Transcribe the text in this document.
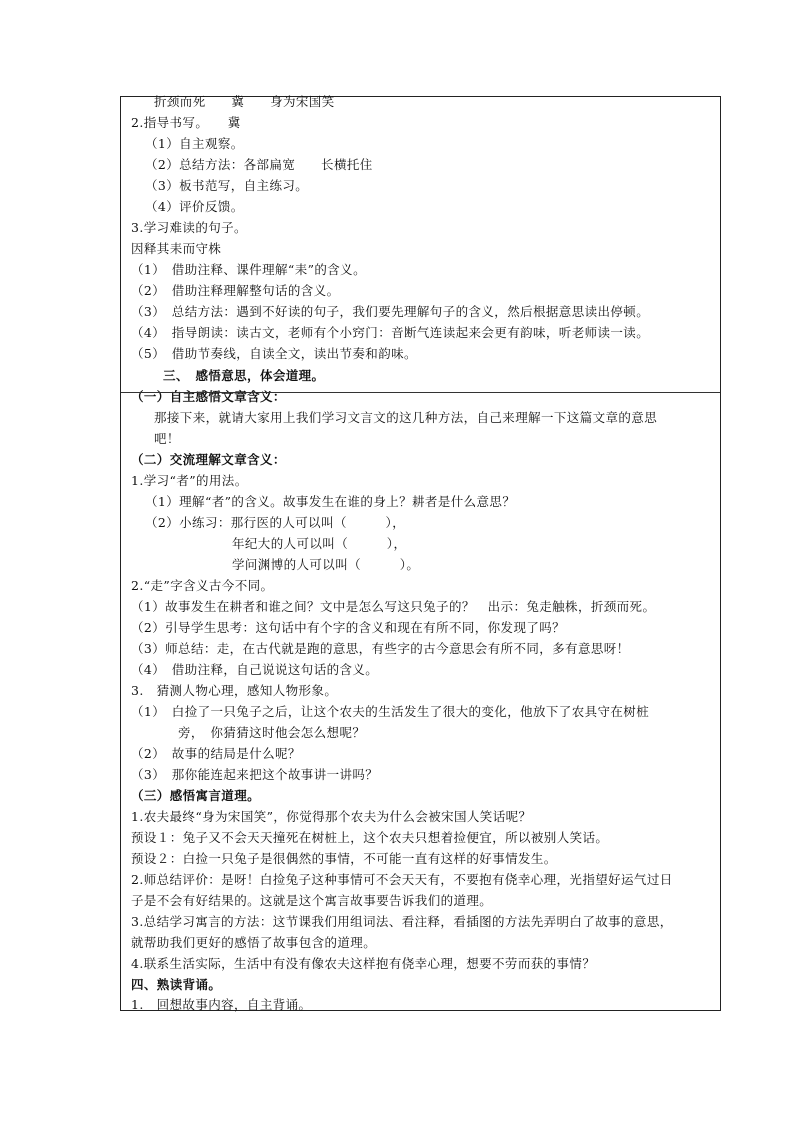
折颈而死　　冀　　身为宋国笑
2.指导书写。　　冀
（1）自主观察。
（2）总结方法：各部扁宽　　长横托住
（3）板书范写，自主练习。
（4）评价反馈。
3.学习难读的句子。
因释其耒而守株
（1）　借助注释、课件理解“耒”的含义。
（2）　借助注释理解整句话的含义。
（3）　总结方法：遇到不好读的句子，我们要先理解句子的含义，然后根据意思读出停顿。
（4）　指导朗读：读古文，老师有个小窍门：音断气连读起来会更有韵味，听老师读一读。
（5）　借助节奏线，自读全文，读出节奏和韵味。
三、　感悟意思，体会道理。
（一）自主感悟文章含义：
那接下来，就请大家用上我们学习文言文的这几种方法，自己来理解一下这篇文章的意思
吧！
（二）交流理解文章含义：
1.学习“者”的用法。
（1）理解“者”的含义。故事发生在谁的身上？耕者是什么意思？
（2）小练习：那行医的人可以叫（　　　），
年纪大的人可以叫（　　　），
学问渊博的人可以叫（　　　）。
2.“走”字含义古今不同。
（1）故事发生在耕者和谁之间？文中是怎么写这只兔子的？　出示：兔走触株，折颈而死。
（2）引导学生思考：这句话中有个字的含义和现在有所不同，你发现了吗？
（3）师总结：走，在古代就是跑的意思，有些字的古今意思会有所不同，多有意思呀！
（4）　借助注释，自己说说这句话的含义。
3.　猜测人物心理，感知人物形象。
（1）　白捡了一只兔子之后，让这个农夫的生活发生了很大的变化，他放下了农具守在树桩
旁，　你猜猜这时他会怎么想呢？
（2）　故事的结局是什么呢？
（3）　那你能连起来把这个故事讲一讲吗？
（三）感悟寓言道理。
1.农夫最终“身为宋国笑”，你觉得那个农夫为什么会被宋国人笑话呢？
预设１：兔子又不会天天撞死在树桩上，这个农夫只想着捡便宜，所以被别人笑话。
预设２：白捡一只兔子是很偶然的事情，不可能一直有这样的好事情发生。
2.师总结评价：是呀！白捡兔子这种事情可不会天天有，不要抱有侥幸心理，光指望好运气过日
子是不会有好结果的。这就是这个寓言故事要告诉我们的道理。
3.总结学习寓言的方法：这节课我们用组词法、看注释，看插图的方法先弄明白了故事的意思，
就帮助我们更好的感悟了故事包含的道理。
4.联系生活实际，生活中有没有像农夫这样抱有侥幸心理，想要不劳而获的事情？
四、熟读背诵。
1.　回想故事内容，自主背诵。
